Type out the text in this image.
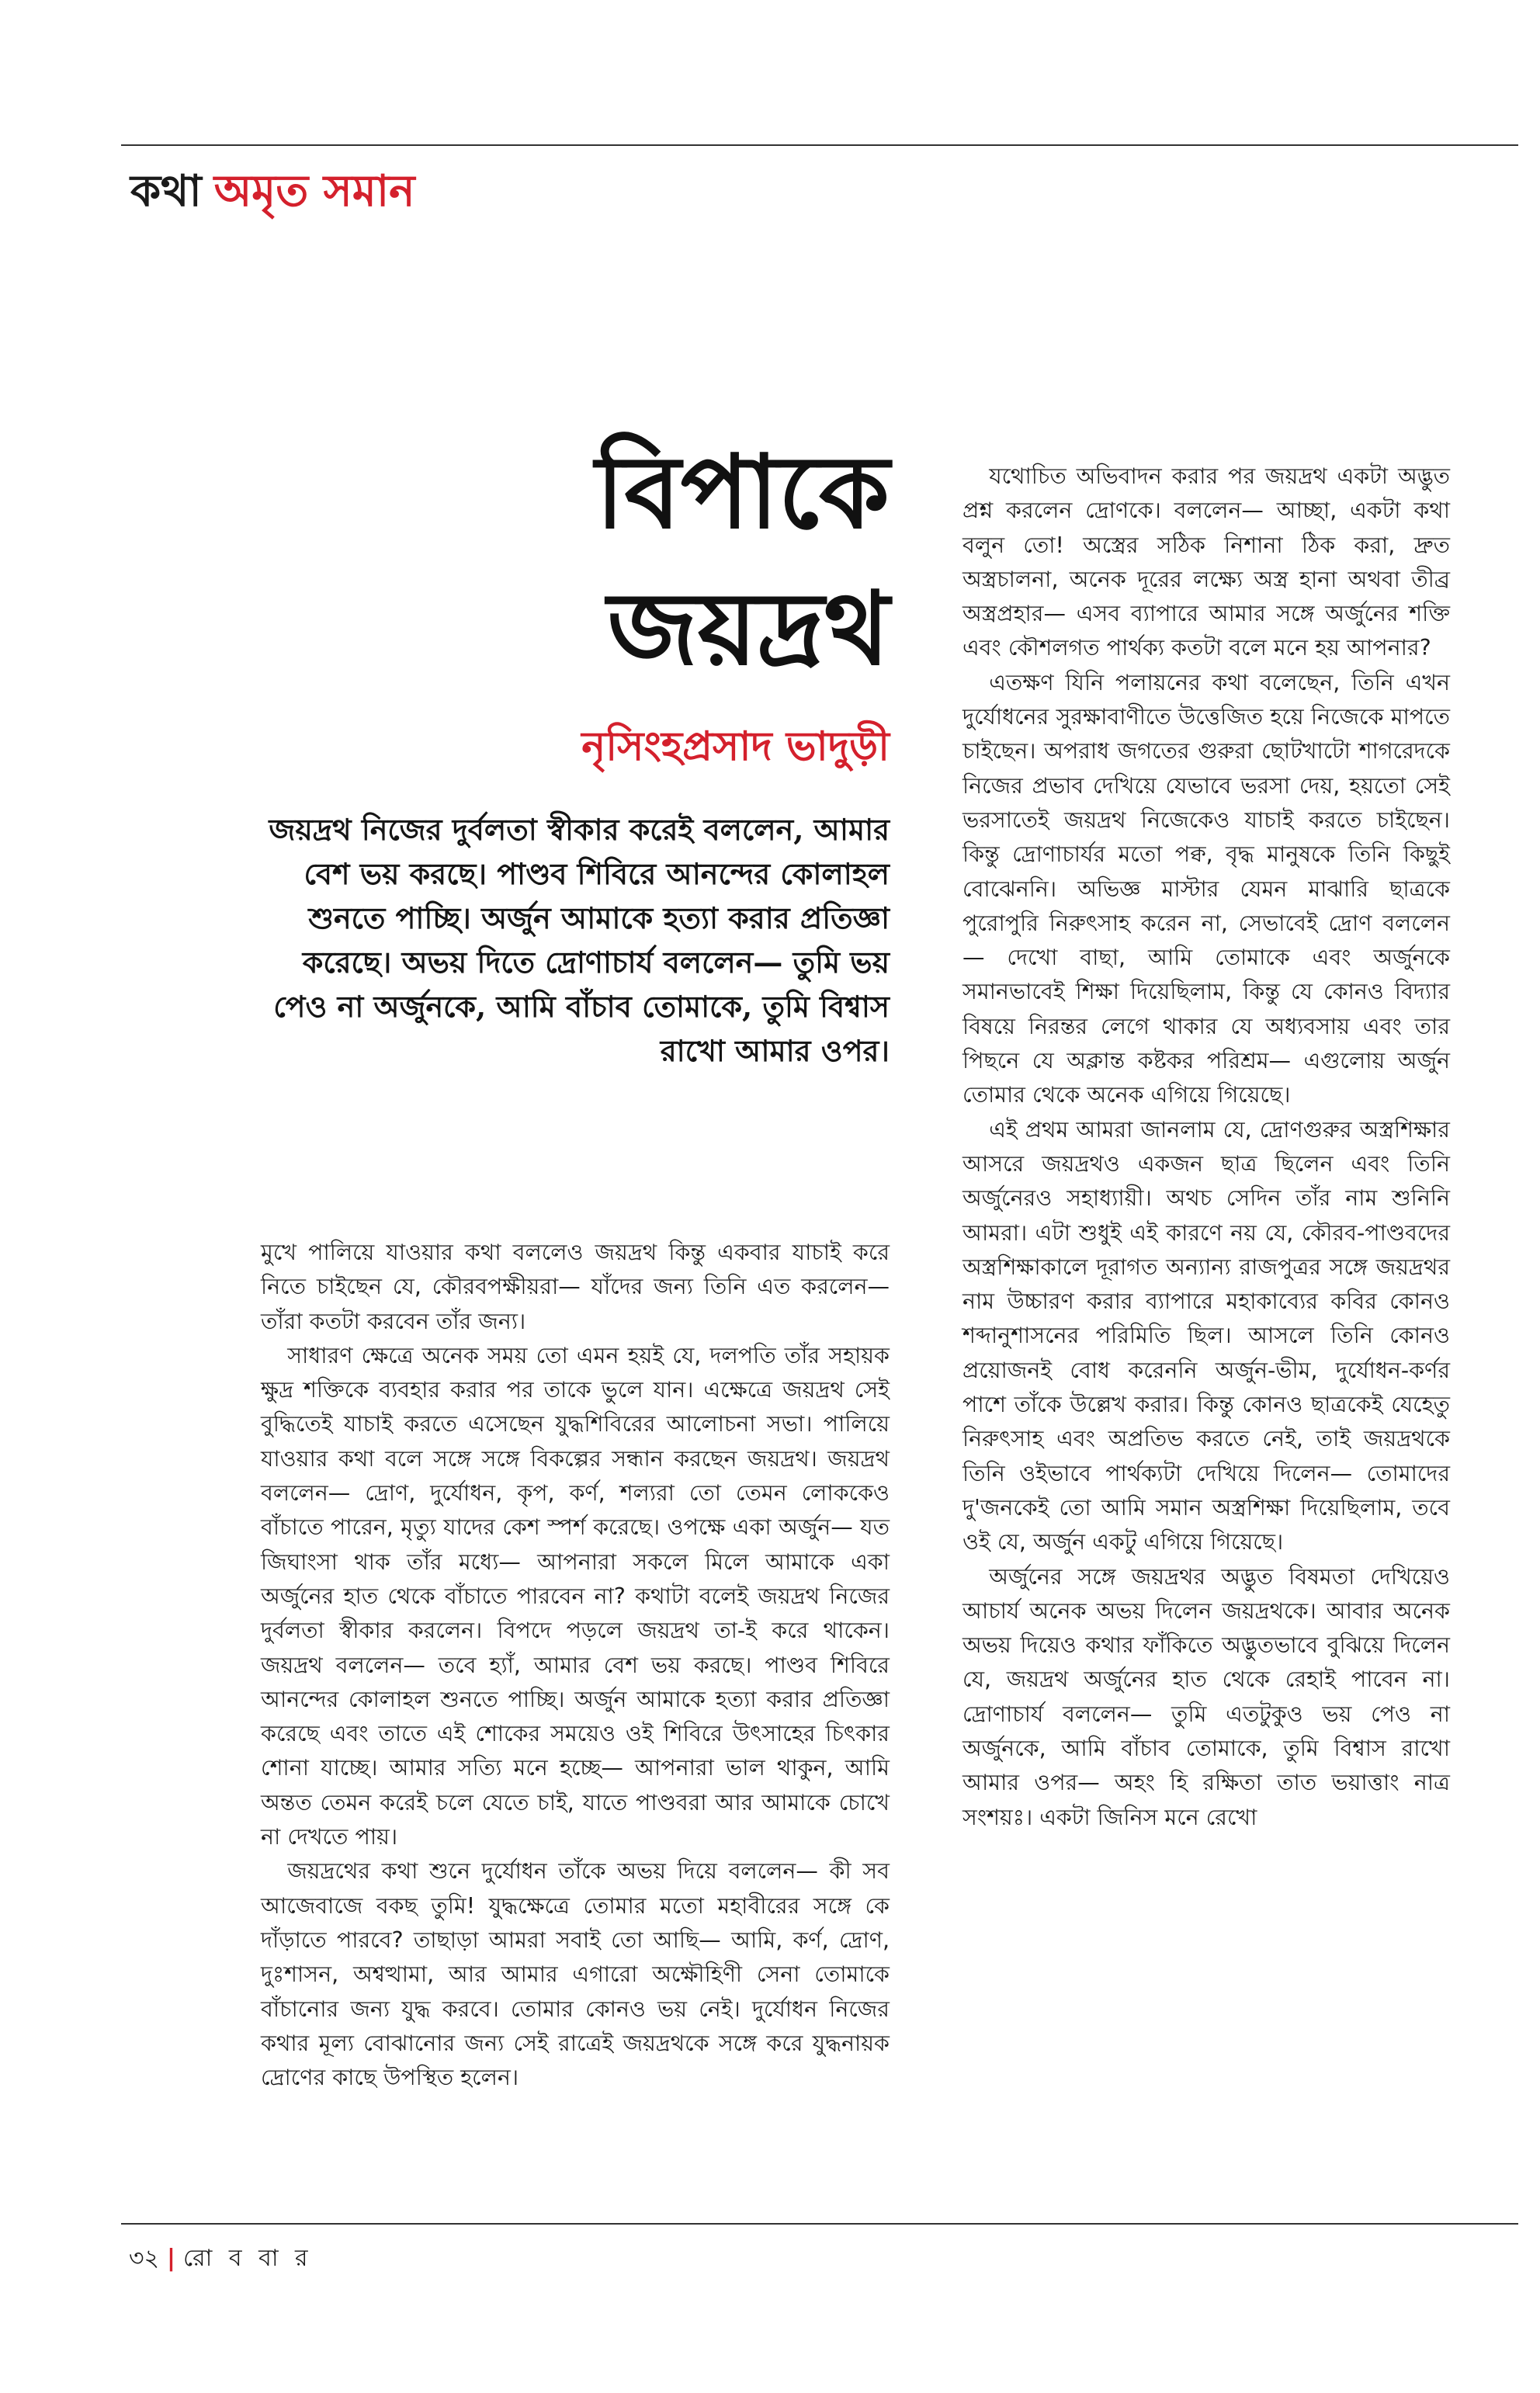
কথা অমৃত সমান
বিপাকে
জয়দ্রথ
নৃসিংহপ্রসাদ ভাদুড়ী
জয়দ্রথ নিজের দুর্বলতা স্বীকার করেই বললেন, আমার বেশ ভয় করছে। পাণ্ডব শিবিরে আনন্দের কোলাহল শুনতে পাচ্ছি। অর্জুন আমাকে হত্যা করার প্রতিজ্ঞা করেছে। অভয় দিতে দ্রোণাচার্য বললেন— তুমি ভয় পেও না অর্জুনকে, আমি বাঁচাব তোমাকে, তুমি বিশ্বাস রাখো আমার ওপর।

মুখে পালিয়ে যাওয়ার কথা বললেও জয়দ্রথ কিন্তু একবার যাচাই করে নিতে চাইছেন যে, কৌরবপক্ষীয়রা— যাঁদের জন্য তিনি এত করলেন— তাঁরা কতটা করবেন তাঁর জন্য।

সাধারণ ক্ষেত্রে অনেক সময় তো এমন হয়ই যে, দলপতি তাঁর সহায়ক ক্ষুদ্র শক্তিকে ব্যবহার করার পর তাকে ভুলে যান। এক্ষেত্রে জয়দ্রথ সেই বুদ্ধিতেই যাচাই করতে এসেছেন যুদ্ধশিবিরের আলোচনা সভা। পালিয়ে যাওয়ার কথা বলে সঙ্গে সঙ্গে বিকল্পের সন্ধান করছেন জয়দ্রথ। জয়দ্রথ বললেন— দ্রোণ, দুর্যোধন, কৃপ, কর্ণ, শল্যরা তো তেমন লোককেও বাঁচাতে পারেন, মৃত্যু যাদের কেশ স্পর্শ করেছে। ওপক্ষে একা অর্জুন— যত জিঘাংসা থাক তাঁর মধ্যে— আপনারা সকলে মিলে আমাকে একা অর্জুনের হাত থেকে বাঁচাতে পারবেন না? কথাটা বলেই জয়দ্রথ নিজের দুর্বলতা স্বীকার করলেন। বিপদে পড়লে জয়দ্রথ তা-ই করে থাকেন। জয়দ্রথ বললেন— তবে হ্যাঁ, আমার বেশ ভয় করছে। পাণ্ডব শিবিরে আনন্দের কোলাহল শুনতে পাচ্ছি। অর্জুন আমাকে হত্যা করার প্রতিজ্ঞা করেছে এবং তাতে এই শোকের সময়েও ওই শিবিরে উৎসাহের চিৎকার শোনা যাচ্ছে। আমার সত্যি মনে হচ্ছে— আপনারা ভাল থাকুন, আমি অন্তত তেমন করেই চলে যেতে চাই, যাতে পাণ্ডবরা আর আমাকে চোখে না দেখতে পায়।

জয়দ্রথের কথা শুনে দুর্যোধন তাঁকে অভয় দিয়ে বললেন— কী সব আজেবাজে বকছ তুমি! যুদ্ধক্ষেত্রে তোমার মতো মহাবীরের সঙ্গে কে দাঁড়াতে পারবে? তাছাড়া আমরা সবাই তো আছি— আমি, কর্ণ, দ্রোণ, দুঃশাসন, অশ্বত্থামা, আর আমার এগারো অক্ষৌহিণী সেনা তোমাকে বাঁচানোর জন্য যুদ্ধ করবে। তোমার কোনও ভয় নেই। দুর্যোধন নিজের কথার মূল্য বোঝানোর জন্য সেই রাত্রেই জয়দ্রথকে সঙ্গে করে যুদ্ধনায়ক দ্রোণের কাছে উপস্থিত হলেন।

যথোচিত অভিবাদন করার পর জয়দ্রথ একটা অদ্ভুত প্রশ্ন করলেন দ্রোণকে। বললেন— আচ্ছা, একটা কথা বলুন তো! অস্ত্রের সঠিক নিশানা ঠিক করা, দ্রুত অস্ত্রচালনা, অনেক দূরের লক্ষ্যে অস্ত্র হানা অথবা তীব্র অস্ত্রপ্রহার— এসব ব্যাপারে আমার সঙ্গে অর্জুনের শক্তি এবং কৌশলগত পার্থক্য কতটা বলে মনে হয় আপনার?

এতক্ষণ যিনি পলায়নের কথা বলেছেন, তিনি এখন দুর্যোধনের সুরক্ষাবাণীতে উত্তেজিত হয়ে নিজেকে মাপতে চাইছেন। অপরাধ জগতের গুরুরা ছোটখাটো শাগরেদকে নিজের প্রভাব দেখিয়ে যেভাবে ভরসা দেয়, হয়তো সেই ভরসাতেই জয়দ্রথ নিজেকেও যাচাই করতে চাইছেন। কিন্তু দ্রোণাচার্যর মতো পক্ব, বৃদ্ধ মানুষকে তিনি কিছুই বোঝেননি। অভিজ্ঞ মাস্টার যেমন মাঝারি ছাত্রকে পুরোপুরি নিরুৎসাহ করেন না, সেভাবেই দ্রোণ বললেন— দেখো বাছা, আমি তোমাকে এবং অর্জুনকে সমানভাবেই শিক্ষা দিয়েছিলাম, কিন্তু যে কোনও বিদ্যার বিষয়ে নিরন্তর লেগে থাকার যে অধ্যবসায় এবং তার পিছনে যে অক্লান্ত কষ্টকর পরিশ্রম— এগুলোয় অর্জুন তোমার থেকে অনেক এগিয়ে গিয়েছে।

এই প্রথম আমরা জানলাম যে, দ্রোণগুরুর অস্ত্রশিক্ষার আসরে জয়দ্রথও একজন ছাত্র ছিলেন এবং তিনি অর্জুনেরও সহাধ্যায়ী। অথচ সেদিন তাঁর নাম শুনিনি আমরা। এটা শুধুই এই কারণে নয় যে, কৌরব-পাণ্ডবদের অস্ত্রশিক্ষাকালে দূরাগত অন্যান্য রাজপুত্রর সঙ্গে জয়দ্রথর নাম উচ্চারণ করার ব্যাপারে মহাকাব্যের কবির কোনও শব্দানুশাসনের পরিমিতি ছিল। আসলে তিনি কোনও প্রয়োজনই বোধ করেননি অর্জুন-ভীম, দুর্যোধন-কর্ণর পাশে তাঁকে উল্লেখ করার। কিন্তু কোনও ছাত্রকেই যেহেতু নিরুৎসাহ এবং অপ্রতিভ করতে নেই, তাই জয়দ্রথকে তিনি ওইভাবে পার্থক্যটা দেখিয়ে দিলেন— তোমাদের দু'জনকেই তো আমি সমান অস্ত্রশিক্ষা দিয়েছিলাম, তবে ওই যে, অর্জুন একটু এগিয়ে গিয়েছে।

অর্জুনের সঙ্গে জয়দ্রথর অদ্ভুত বিষমতা দেখিয়েও আচার্য অনেক অভয় দিলেন জয়দ্রথকে। আবার অনেক অভয় দিয়েও কথার ফাঁকিতে অদ্ভুতভাবে বুঝিয়ে দিলেন যে, জয়দ্রথ অর্জুনের হাত থেকে রেহাই পাবেন না। দ্রোণাচার্য বললেন— তুমি এতটুকুও ভয় পেও না অর্জুনকে, আমি বাঁচাব তোমাকে, তুমি বিশ্বাস রাখো আমার ওপর— অহং হি রক্ষিতা তাত ভয়াত্তাং নাত্র সংশয়ঃ। একটা জিনিস মনে রেখো

৩২ | রো ব বা র
